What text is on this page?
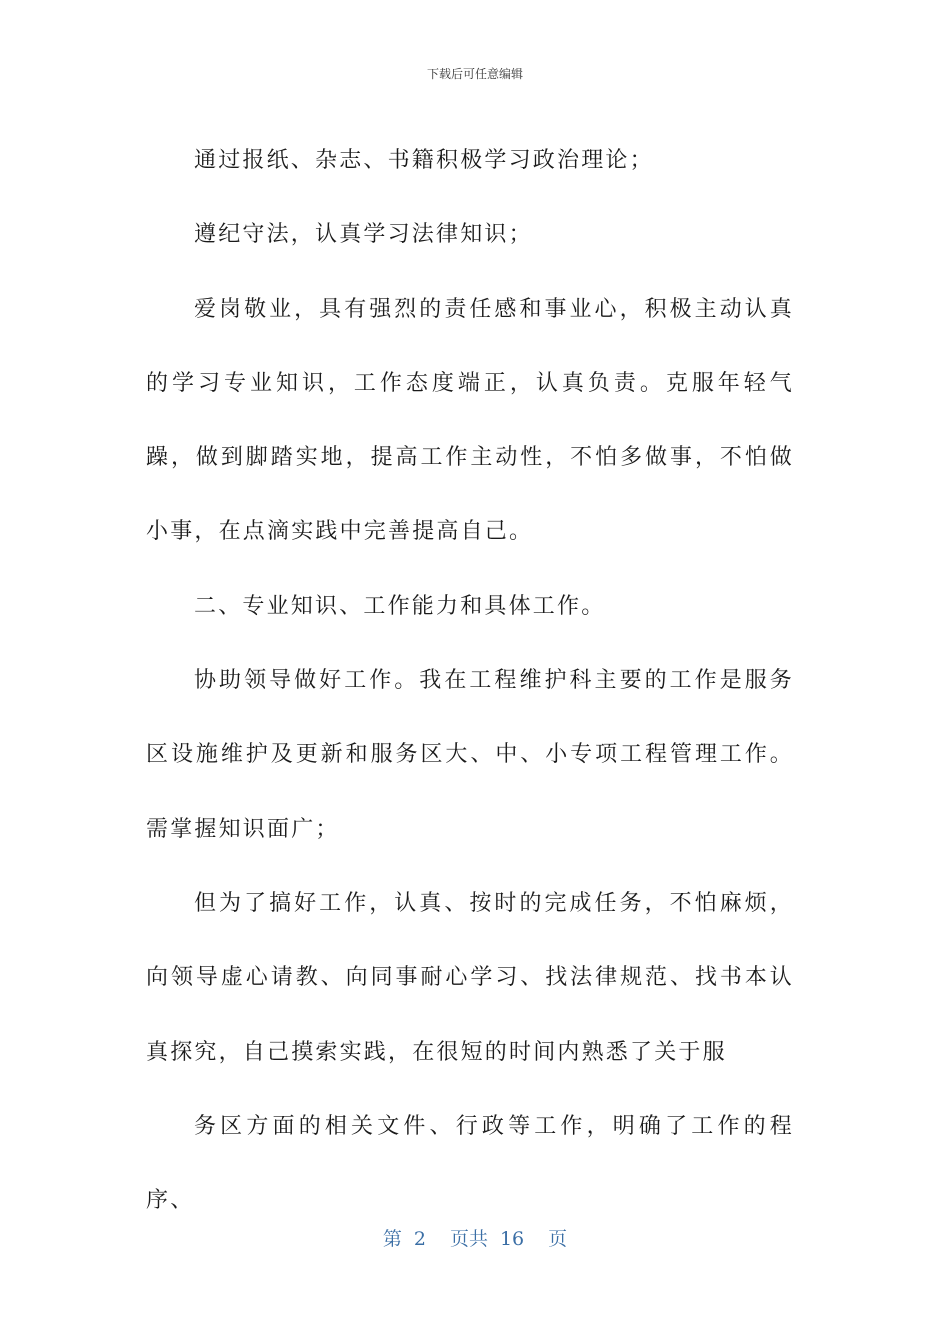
下载后可任意编辑

通过报纸、杂志、书籍积极学习政治理论；

遵纪守法，认真学习法律知识；

爱岗敬业，具有强烈的责任感和事业心，积极主动认真的学习专业知识，工作态度端正，认真负责。克服年轻气躁，做到脚踏实地，提高工作主动性，不怕多做事，不怕做小事，在点滴实践中完善提高自己。

二、专业知识、工作能力和具体工作。

协助领导做好工作。我在工程维护科主要的工作是服务区设施维护及更新和服务区大、中、小专项工程管理工作。需掌握知识面广；

但为了搞好工作，认真、按时的完成任务，不怕麻烦，向领导虚心请教、向同事耐心学习、找法律规范、找书本认真探究，自己摸索实践，在很短的时间内熟悉了关于服

务区方面的相关文件、行政等工作，明确了工作的程序、

第 2 页共 16 页
